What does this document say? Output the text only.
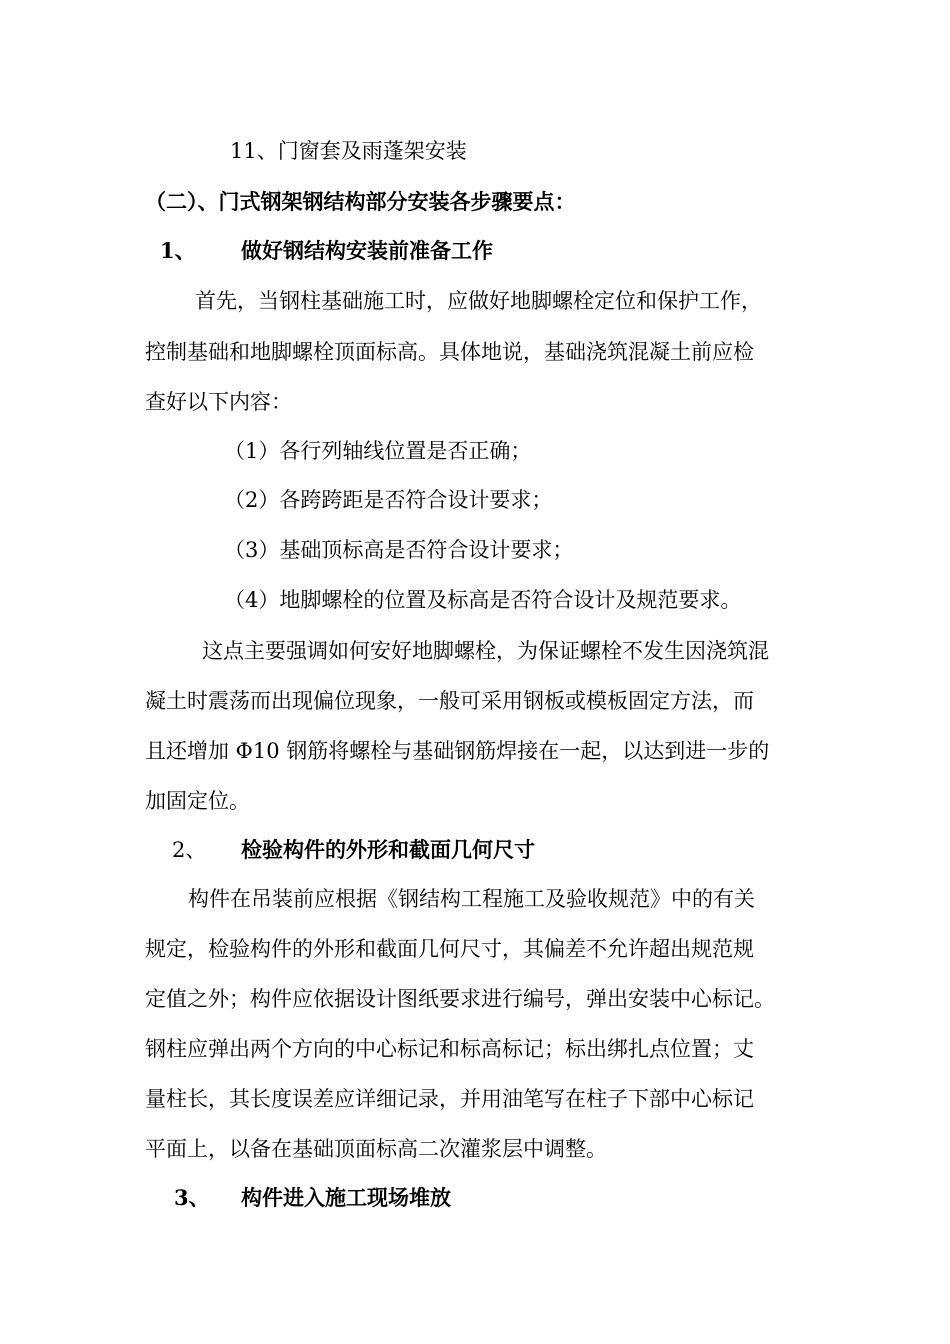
11、门窗套及雨蓬架安装
（二）、门式钢架钢结构部分安装各步骤要点：
1、 做好钢结构安装前准备工作
首先，当钢柱基础施工时，应做好地脚螺栓定位和保护工作，
控制基础和地脚螺栓顶面标高。具体地说，基础浇筑混凝土前应检
查好以下内容：
（1）各行列轴线位置是否正确；
（2）各跨跨距是否符合设计要求；
（3）基础顶标高是否符合设计要求；
（4）地脚螺栓的位置及标高是否符合设计及规范要求。
这点主要强调如何安好地脚螺栓，为保证螺栓不发生因浇筑混
凝土时震荡而出现偏位现象，一般可采用钢板或模板固定方法，而
且还增加 Φ10 钢筋将螺栓与基础钢筋焊接在一起，以达到进一步的
加固定位。
2、 检验构件的外形和截面几何尺寸
构件在吊装前应根据《钢结构工程施工及验收规范》中的有关
规定，检验构件的外形和截面几何尺寸，其偏差不允许超出规范规
定值之外；构件应依据设计图纸要求进行编号，弹出安装中心标记。
钢柱应弹出两个方向的中心标记和标高标记；标出绑扎点位置；丈
量柱长，其长度误差应详细记录，并用油笔写在柱子下部中心标记
平面上，以备在基础顶面标高二次灌浆层中调整。
3、 构件进入施工现场堆放
